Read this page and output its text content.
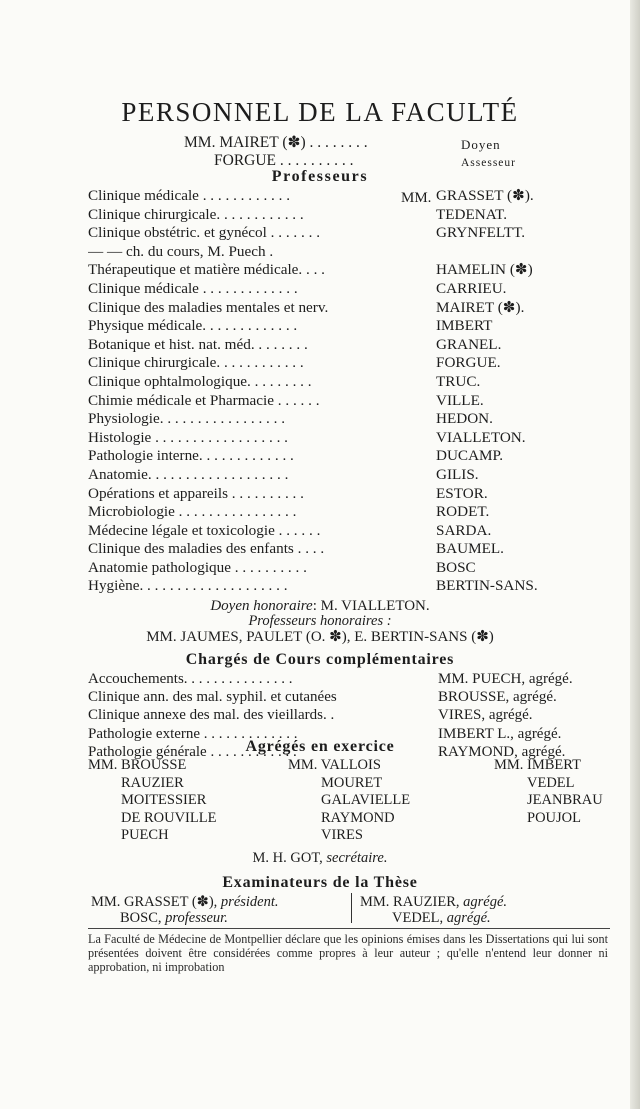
PERSONNEL DE LA FACULTÉ
MM. MAIRET (✽) . . . . . . . .	Doyen
FORGUE . . . . . . . . . .	Assesseur
Professeurs
MM.
Clinique médicale . . . . . . . . . . . .	GRASSET (✽).
Clinique chirurgicale. . . . . . . . . . . .	TEDENAT.
Clinique obstétric. et gynécol . . . . . . .	GRYNFELTT.
— — ch. du cours, M. Puech .
Thérapeutique et matière médicale. . . .	HAMELIN (✽)
Clinique médicale . . . . . . . . . . . . .	CARRIEU.
Clinique des maladies mentales et nerv.	MAIRET (✽).
Physique médicale. . . . . . . . . . . . .	IMBERT
Botanique et hist. nat. méd. . . . . . . .	GRANEL.
Clinique chirurgicale. . . . . . . . . . . .	FORGUE.
Clinique ophtalmologique. . . . . . . . .	TRUC.
Chimie médicale et Pharmacie . . . . . .	VILLE.
Physiologie. . . . . . . . . . . . . . . . .	HEDON.
Histologie . . . . . . . . . . . . . . . . . .	VIALLETON.
Pathologie interne. . . . . . . . . . . . .	DUCAMP.
Anatomie. . . . . . . . . . . . . . . . . . .	GILIS.
Opérations et appareils . . . . . . . . . .	ESTOR.
Microbiologie . . . . . . . . . . . . . . . .	RODET.
Médecine légale et toxicologie . . . . . .	SARDA.
Clinique des maladies des enfants . . . .	BAUMEL.
Anatomie pathologique . . . . . . . . . .	BOSC
Hygiène. . . . . . . . . . . . . . . . . . . .	BERTIN-SANS.
Doyen honoraire: M. VIALLETON.
Professeurs honoraires :
MM. JAUMES, PAULET (O. ✽), E. BERTIN-SANS (✽)
Chargés de Cours complémentaires
Accouchements. . . . . . . . . . . . . . .	MM. PUECH, agrégé.
Clinique ann. des mal. syphil. et cutanées	BROUSSE, agrégé.
Clinique annexe des mal. des vieillards. .	VIRES, agrégé.
Pathologie externe . . . . . . . . . . . . .	IMBERT L., agrégé.
Pathologie générale . . . . . . . . . . . .	RAYMOND, agrégé.
Agrégés en exercice
MM. BROUSSE
RAUZIER
MOITESSIER
DE ROUVILLE
PUECH
MM. VALLOIS
MOURET
GALAVIELLE
RAYMOND
VIRES
MM. IMBERT
VEDEL
JEANBRAU
POUJOL
M. H. GOT, secrétaire.
Examinateurs de la Thèse
MM. GRASSET (✽), président.
BOSC, professeur.
MM. RAUZIER, agrégé.
VEDEL, agrégé.
La Faculté de Médecine de Montpellier déclare que les opinions émises dans les Dissertations qui lui sont présentées doivent être considérées comme propres à leur auteur ; qu'elle n'entend leur donner ni approbation, ni improbation
